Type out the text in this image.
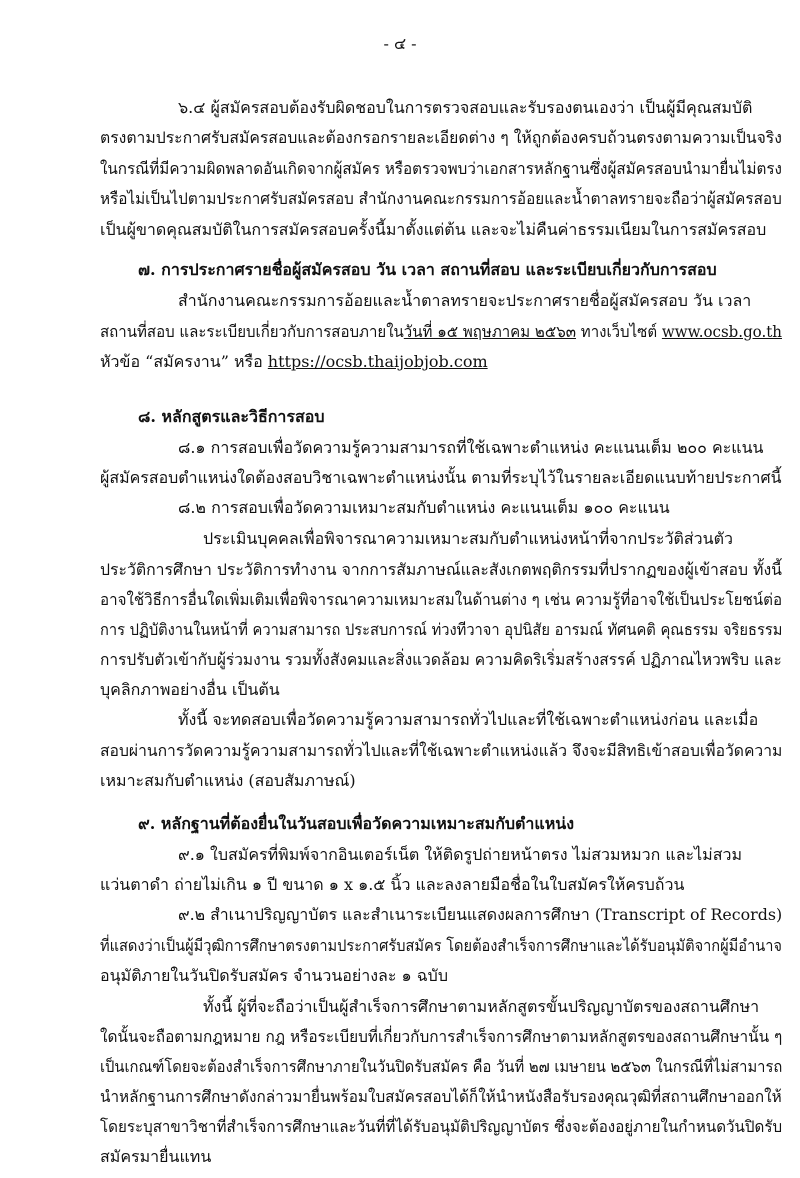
- ๔ -
๖.๔ ผู้สมัครสอบต้องรับผิดชอบในการตรวจสอบและรับรองตนเองว่า เป็นผู้มีคุณสมบัติ
ตรงตามประกาศรับสมัครสอบและต้องกรอกรายละเอียดต่าง ๆ ให้ถูกต้องครบถ้วนตรงตามความเป็นจริง
ในกรณีที่มีความผิดพลาดอันเกิดจากผู้สมัคร หรือตรวจพบว่าเอกสารหลักฐานซึ่งผู้สมัครสอบนำมายื่นไม่ตรง
หรือไม่เป็นไปตามประกาศรับสมัครสอบ สำนักงานคณะกรรมการอ้อยและน้ำตาลทรายจะถือว่าผู้สมัครสอบ
เป็นผู้ขาดคุณสมบัติในการสมัครสอบครั้งนี้มาตั้งแต่ต้น และจะไม่คืนค่าธรรมเนียมในการสมัครสอบ
๗. การประกาศรายชื่อผู้สมัครสอบ วัน เวลา สถานที่สอบ และระเบียบเกี่ยวกับการสอบ
สำนักงานคณะกรรมการอ้อยและน้ำตาลทรายจะประกาศรายชื่อผู้สมัครสอบ วัน เวลา
สถานที่สอบ และระเบียบเกี่ยวกับการสอบภายในวันที่ ๑๕ พฤษภาคม ๒๕๖๓ ทางเว็บไซต์ www.ocsb.go.th
หัวข้อ “สมัครงาน” หรือ https://ocsb.thaijobjob.com
๘. หลักสูตรและวิธีการสอบ
๘.๑ การสอบเพื่อวัดความรู้ความสามารถที่ใช้เฉพาะตำแหน่ง คะแนนเต็ม ๒๐๐ คะแนน
ผู้สมัครสอบตำแหน่งใดต้องสอบวิชาเฉพาะตำแหน่งนั้น ตามที่ระบุไว้ในรายละเอียดแนบท้ายประกาศนี้
๘.๒ การสอบเพื่อวัดความเหมาะสมกับตำแหน่ง คะแนนเต็ม ๑๐๐ คะแนน
ประเมินบุคคลเพื่อพิจารณาความเหมาะสมกับตำแหน่งหน้าที่จากประวัติส่วนตัว
ประวัติการศึกษา ประวัติการทำงาน จากการสัมภาษณ์และสังเกตพฤติกรรมที่ปรากฏของผู้เข้าสอบ ทั้งนี้
อาจใช้วิธีการอื่นใดเพิ่มเติมเพื่อพิจารณาความเหมาะสมในด้านต่าง ๆ เช่น ความรู้ที่อาจใช้เป็นประโยชน์ต่อ
การ ปฏิบัติงานในหน้าที่ ความสามารถ ประสบการณ์ ท่วงทีวาจา อุปนิสัย อารมณ์ ทัศนคติ คุณธรรม จริยธรรม
การปรับตัวเข้ากับผู้ร่วมงาน รวมทั้งสังคมและสิ่งแวดล้อม ความคิดริเริ่มสร้างสรรค์ ปฏิภาณไหวพริบ และ
บุคลิกภาพอย่างอื่น เป็นต้น
ทั้งนี้ จะทดสอบเพื่อวัดความรู้ความสามารถทั่วไปและที่ใช้เฉพาะตำแหน่งก่อน และเมื่อ
สอบผ่านการวัดความรู้ความสามารถทั่วไปและที่ใช้เฉพาะตำแหน่งแล้ว จึงจะมีสิทธิเข้าสอบเพื่อวัดความ
เหมาะสมกับตำแหน่ง (สอบสัมภาษณ์)
๙. หลักฐานที่ต้องยื่นในวันสอบเพื่อวัดความเหมาะสมกับตำแหน่ง
๙.๑ ใบสมัครที่พิมพ์จากอินเตอร์เน็ต ให้ติดรูปถ่ายหน้าตรง ไม่สวมหมวก และไม่สวม
แว่นตาดำ ถ่ายไม่เกิน ๑ ปี ขนาด ๑ x ๑.๕ นิ้ว และลงลายมือชื่อในใบสมัครให้ครบถ้วน
๙.๒ สำเนาปริญญาบัตร และสำเนาระเบียนแสดงผลการศึกษา (Transcript of Records)
ที่แสดงว่าเป็นผู้มีวุฒิการศึกษาตรงตามประกาศรับสมัคร โดยต้องสำเร็จการศึกษาและได้รับอนุมัติจากผู้มีอำนาจ
อนุมัติภายในวันปิดรับสมัคร จำนวนอย่างละ ๑ ฉบับ
ทั้งนี้ ผู้ที่จะถือว่าเป็นผู้สำเร็จการศึกษาตามหลักสูตรขั้นปริญญาบัตรของสถานศึกษา
ใดนั้นจะถือตามกฎหมาย กฎ หรือระเบียบที่เกี่ยวกับการสำเร็จการศึกษาตามหลักสูตรของสถานศึกษานั้น ๆ
เป็นเกณฑ์โดยจะต้องสำเร็จการศึกษาภายในวันปิดรับสมัคร คือ วันที่ ๒๗ เมษายน ๒๕๖๓ ในกรณีที่ไม่สามารถ
นำหลักฐานการศึกษาดังกล่าวมายื่นพร้อมใบสมัครสอบได้ก็ให้นำหนังสือรับรองคุณวุฒิที่สถานศึกษาออกให้
โดยระบุสาขาวิชาที่สำเร็จการศึกษาและวันที่ที่ได้รับอนุมัติปริญญาบัตร ซึ่งจะต้องอยู่ภายในกำหนดวันปิดรับ
สมัครมายื่นแทน
